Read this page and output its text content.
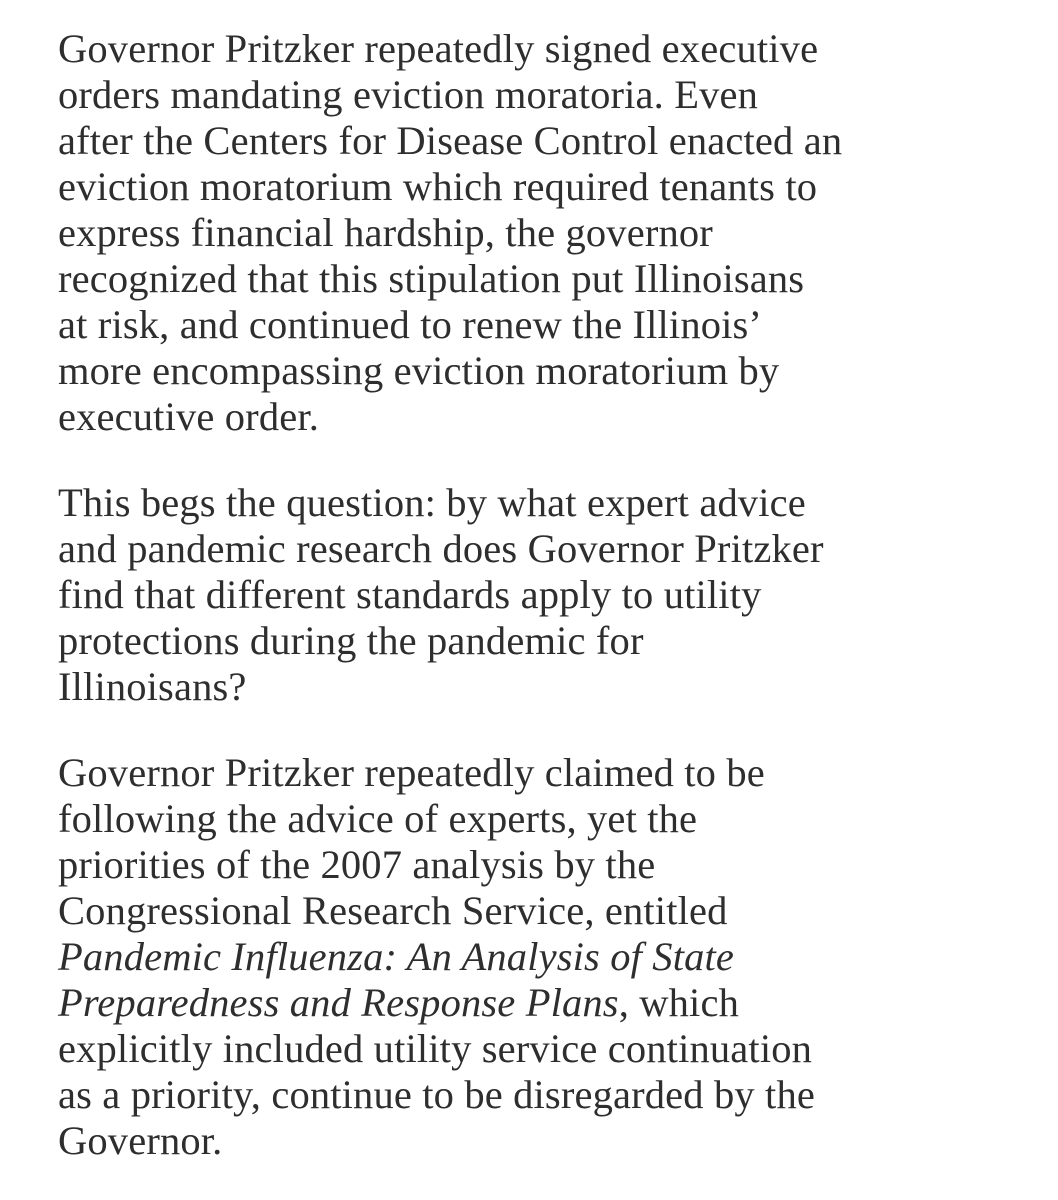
Governor Pritzker repeatedly signed executive
orders mandating eviction moratoria. Even
after the Centers for Disease Control enacted an
eviction moratorium which required tenants to
express financial hardship, the governor
recognized that this stipulation put Illinoisans
at risk, and continued to renew the Illinois’
more encompassing eviction moratorium by
executive order.

This begs the question: by what expert advice
and pandemic research does Governor Pritzker
find that different standards apply to utility
protections during the pandemic for
Illinoisans?

Governor Pritzker repeatedly claimed to be
following the advice of experts, yet the
priorities of the 2007 analysis by the
Congressional Research Service, entitled
Pandemic Influenza: An Analysis of State
Preparedness and Response Plans, which
explicitly included utility service continuation
as a priority, continue to be disregarded by the
Governor.
